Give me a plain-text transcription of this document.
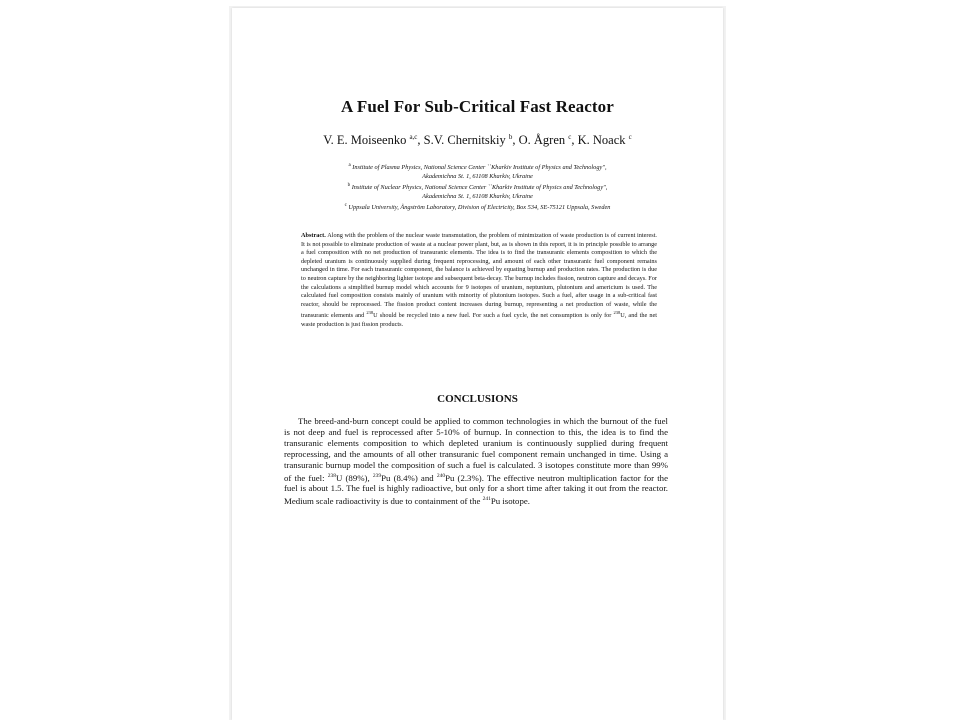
A Fuel For Sub-Critical Fast Reactor
V. E. Moiseenko $^{a,c}$, S.V. Chernitskiy $^b$, O. Ågren $^c$, K. Noack $^c$
$^a$ Institute of Plasma Physics, National Science Center ``Kharkiv Institute of Physics and Technology'',
Akademichna St. 1, 61108 Kharkiv, Ukraine
$^b$ Institute of Nuclear Physics, National Science Center ``Kharkiv Institute of Physics and Technology'',
Akademichna St. 1, 61108 Kharkiv, Ukraine
$^c$ Uppsala University, Ångström Laboratory, Division of Electricity, Box 534, SE-75121 Uppsala, Sweden
Abstract. Along with the problem of the nuclear waste transmutation, the problem of minimization of waste production is of current interest. It is not possible to eliminate production of waste at a nuclear power plant, but, as is shown in this report, it is in principle possible to arrange a fuel composition with no net production of transuranic elements. The idea is to find the transuranic elements composition to which the depleted uranium is continuously supplied during frequent reprocessing, and amount of each other transuranic fuel component remains unchanged in time. For each transuranic component, the balance is achieved by equating burnup and production rates. The production is due to neutron capture by the neighboring lighter isotope and subsequent beta-decay. The burnup includes fission, neutron capture and decays. For the calculations a simplified burnup model which accounts for 9 isotopes of uranium, neptunium, plutonium and americium is used. The calculated fuel composition consists mainly of uranium with minority of plutonium isotopes. Such a fuel, after usage in a sub-critical fast reactor, should be reprocessed. The fission product content increases during burnup, representing a net production of waste, while the transuranic elements and $^{238}$U should be recycled into a new fuel. For such a fuel cycle, the net consumption is only for $^{238}$U, and the net waste production is just fission products.
CONCLUSIONS
The breed-and-burn concept could be applied to common technologies in which the burnout of the fuel is not deep and fuel is reprocessed after 5-10% of burnup. In connection to this, the idea is to find the transuranic elements composition to which depleted uranium is continuously supplied during frequent reprocessing, and the amounts of all other transuranic fuel component remain unchanged in time. Using a transuranic burnup model the composition of such a fuel is calculated. 3 isotopes constitute more than 99% of the fuel: $^{238}$U (89%), $^{239}$Pu (8.4%) and $^{240}$Pu (2.3%). The effective neutron multiplication factor for the fuel is about 1.5. The fuel is highly radioactive, but only for a short time after taking it out from the reactor. Medium scale radioactivity is due to containment of the $^{241}$Pu isotope.
